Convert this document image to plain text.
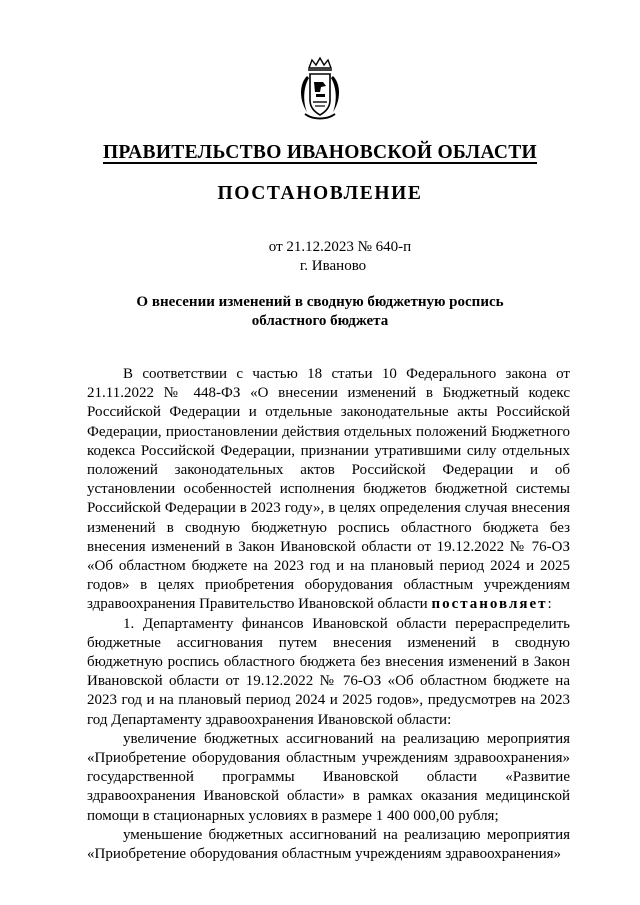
ПРАВИТЕЛЬСТВО ИВАНОВСКОЙ ОБЛАСТИ
ПОСТАНОВЛЕНИЕ
от 21.12.2023 № 640-п
г. Иваново
О внесении изменений в сводную бюджетную роспись
областного бюджета

В соответствии с частью 18 статьи 10 Федерального закона от 21.11.2022 № 448-ФЗ «О внесении изменений в Бюджетный кодекс Российской Федерации и отдельные законодательные акты Российской Федерации, приостановлении действия отдельных положений Бюджетного кодекса Российской Федерации, признании утратившими силу отдельных положений законодательных актов Российской Федерации и об установлении особенностей исполнения бюджетов бюджетной системы Российской Федерации в 2023 году», в целях определения случая внесения изменений в сводную бюджетную роспись областного бюджета без внесения изменений в Закон Ивановской области от 19.12.2022 № 76-ОЗ «Об областном бюджете на 2023 год и на плановый период 2024 и 2025 годов» в целях приобретения оборудования областным учреждениям здравоохранения Правительство Ивановской области постановляет:

1. Департаменту финансов Ивановской области перераспределить бюджетные ассигнования путем внесения изменений в сводную бюджетную роспись областного бюджета без внесения изменений в Закон Ивановской области от 19.12.2022 № 76-ОЗ «Об областном бюджете на 2023 год и на плановый период 2024 и 2025 годов», предусмотрев на 2023 год Департаменту здравоохранения Ивановской области:

увеличение бюджетных ассигнований на реализацию мероприятия «Приобретение оборудования областным учреждениям здравоохранения» государственной программы Ивановской области «Развитие здравоохранения Ивановской области» в рамках оказания медицинской помощи в стационарных условиях в размере 1 400 000,00 рубля;

уменьшение бюджетных ассигнований на реализацию мероприятия «Приобретение оборудования областным учреждениям здравоохранения»
